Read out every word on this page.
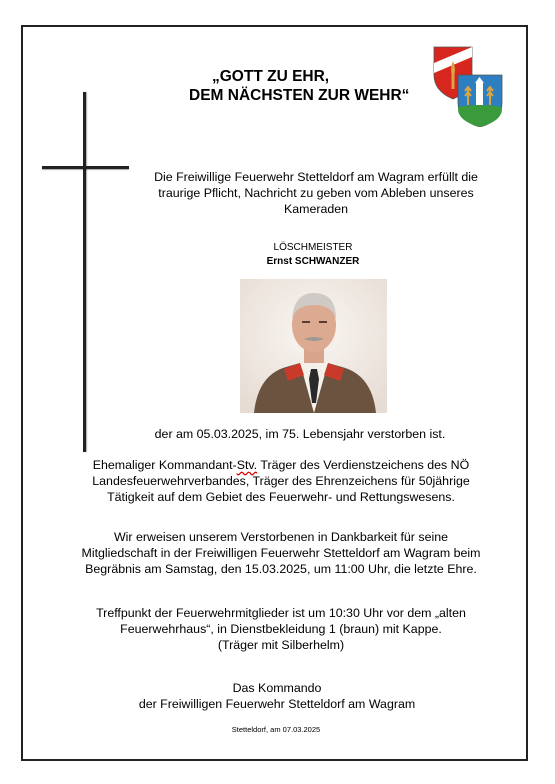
„GOTT ZU EHR,
DEM NÄCHSTEN ZUR WEHR“
Die Freiwillige Feuerwehr Stetteldorf am Wagram erfüllt die
traurige Pflicht, Nachricht zu geben vom Ableben unseres
Kameraden
LÖSCHMEISTER
Ernst SCHWANZER
der am 05.03.2025, im 75. Lebensjahr verstorben ist.
Ehemaliger Kommandant-Stv. Träger des Verdienstzeichens des NÖ
Landesfeuerwehrverbandes, Träger des Ehrenzeichens für 50jährige
Tätigkeit auf dem Gebiet des Feuerwehr- und Rettungswesens.
Wir erweisen unserem Verstorbenen in Dankbarkeit für seine
Mitgliedschaft in der Freiwilligen Feuerwehr Stetteldorf am Wagram beim
Begräbnis am Samstag, den 15.03.2025, um 11:00 Uhr, die letzte Ehre.
Treffpunkt der Feuerwehrmitglieder ist um 10:30 Uhr vor dem „alten
Feuerwehrhaus“, in Dienstbekleidung 1 (braun) mit Kappe.
(Träger mit Silberhelm)
Das Kommando
der Freiwilligen Feuerwehr Stetteldorf am Wagram
Stetteldorf, am 07.03.2025
